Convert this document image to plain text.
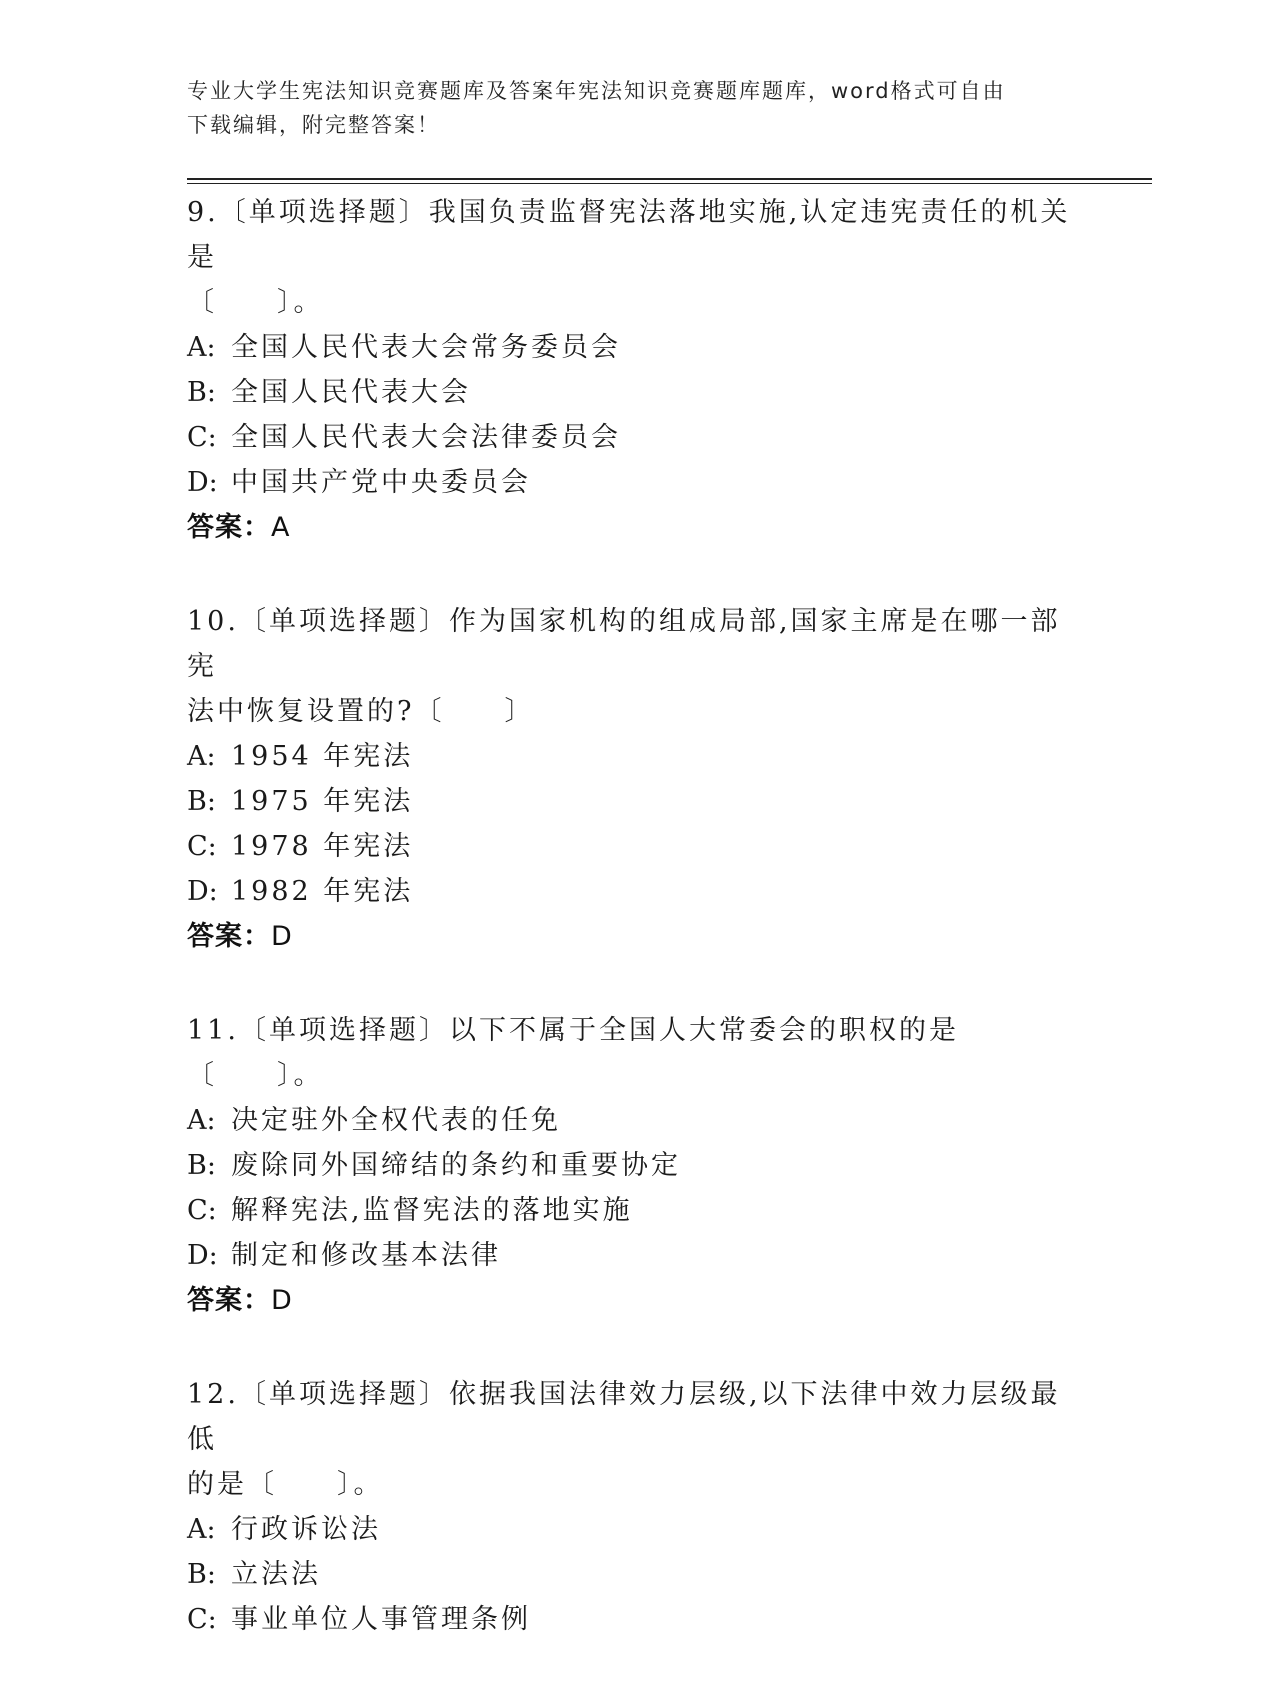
专业大学生宪法知识竞赛题库及答案年宪法知识竞赛题库题库，word格式可自由
下载编辑，附完整答案！

9.〔单项选择题〕我国负责监督宪法落地实施,认定违宪责任的机关是

〔　　〕。

A: 全国人民代表大会常务委员会

B: 全国人民代表大会

C: 全国人民代表大会法律委员会

D: 中国共产党中央委员会

答案：A

10.〔单项选择题〕作为国家机构的组成局部,国家主席是在哪一部宪

法中恢复设置的?〔　　〕

A: 1954 年宪法

B: 1975 年宪法

C: 1978 年宪法

D: 1982 年宪法

答案：D

11.〔单项选择题〕以下不属于全国人大常委会的职权的是〔　　〕。

A: 决定驻外全权代表的任免

B: 废除同外国缔结的条约和重要协定

C: 解释宪法,监督宪法的落地实施

D: 制定和修改基本法律

答案：D

12.〔单项选择题〕依据我国法律效力层级,以下法律中效力层级最低

的是〔　　〕。

A: 行政诉讼法

B: 立法法

C: 事业单位人事管理条例
